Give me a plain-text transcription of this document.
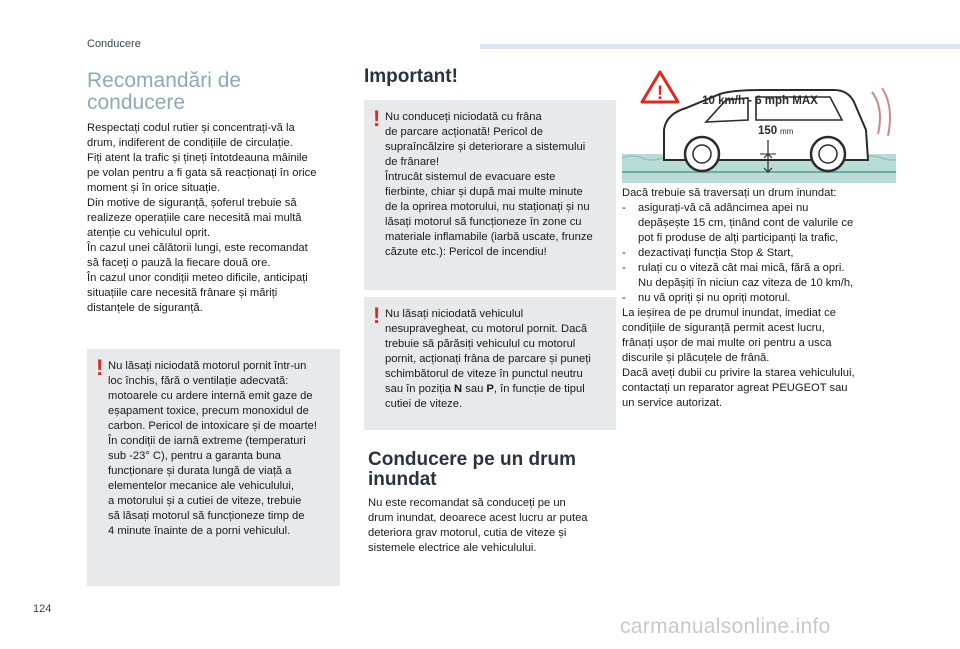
Conducere
Recomandări de
conducere
Respectați codul rutier și concentrați-vă la
drum, indiferent de condițiile de circulație.
Fiți atent la trafic și țineți întotdeauna mâinile
pe volan pentru a fi gata să reacționați în orice
moment și în orice situație.
Din motive de siguranță, șoferul trebuie să
realizeze operațiile care necesită mai multă
atenție cu vehiculul oprit.
În cazul unei călătorii lungi, este recomandat
să faceți o pauză la fiecare două ore.
În cazul unor condiții meteo dificile, anticipați
situațiile care necesită frânare și măriți
distanțele de siguranță.
! Nu lăsați niciodată motorul pornit într-un
loc închis, fără o ventilație adecvată:
motoarele cu ardere internă emit gaze de
eșapament toxice, precum monoxidul de
carbon. Pericol de intoxicare și de moarte!
În condiții de iarnă extreme (temperaturi
sub -23° C), pentru a garanta buna
funcționare și durata lungă de viață a
elementelor mecanice ale vehiculului,
a motorului și a cutiei de viteze, trebuie
să lăsați motorul să funcționeze timp de
4 minute înainte de a porni vehiculul.
Important!
! Nu conduceți niciodată cu frâna
de parcare acționată! Pericol de
supraîncălzire și deteriorare a sistemului
de frânare!
Întrucât sistemul de evacuare este
fierbinte, chiar și după mai multe minute
de la oprirea motorului, nu staționați și nu
lăsați motorul să funcționeze în zone cu
materiale inflamabile (iarbă uscate, frunze
căzute etc.): Pericol de incendiu!
! Nu lăsați niciodată vehiculul
nesupravegheat, cu motorul pornit. Dacă
trebuie să părăsiți vehiculul cu motorul
pornit, acționați frâna de parcare și puneți
schimbătorul de viteze în punctul neutru
sau în poziția N sau P, în funcție de tipul
cutiei de viteze.
Conducere pe un drum
inundat
Nu este recomandat să conduceți pe un
drum inundat, deoarece acest lucru ar putea
deteriora grav motorul, cutia de viteze și
sistemele electrice ale vehiculului.
!	10 km/h - 6 mph MAX
150 mm
Dacă trebuie să traversați un drum inundat:
-	asigurați-vă că adâncimea apei nu
depășește 15 cm, ținând cont de valurile ce
pot fi produse de alți participanți la trafic,
-	dezactivați funcția Stop & Start,
-	rulați cu o viteză cât mai mică, fără a opri.
Nu depășiți în niciun caz viteza de 10 km/h,
-	nu vă opriți și nu opriți motorul.
La ieșirea de pe drumul inundat, imediat ce
condițiile de siguranță permit acest lucru,
frânați ușor de mai multe ori pentru a usca
discurile și plăcuțele de frână.
Dacă aveți dubii cu privire la starea vehiculului,
contactați un reparator agreat PEUGEOT sau
un service autorizat.
124
carmanualsonline.info
